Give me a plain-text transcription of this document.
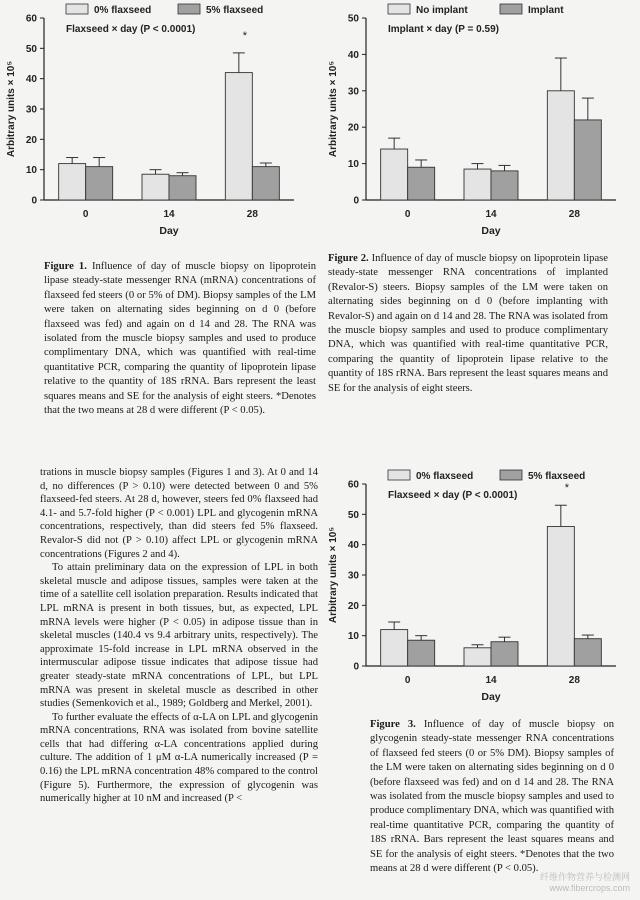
0
10
20
30
40
50
60
Arbitrary units × 10⁵
0	14
*
28
Day
0% flaxseed	5% flaxseed
Flaxseed × day (P < 0.0001)
0
10
20
30
40
50
Arbitrary units × 10⁵
0	14	28
Day
No implant	Implant
Implant × day (P = 0.59)
0
10
20
30
40
50
60
Arbitrary units × 10⁵
0	14
*
28
Day
0% flaxseed	5% flaxseed
Flaxseed × day (P < 0.0001)
Figure 1. Influence of day of muscle biopsy on lipoprotein lipase steady-state messenger RNA (mRNA) concentrations of flaxseed fed steers (0 or 5% of DM). Biopsy samples of the LM were taken on alternating sides beginning on d 0 (before flaxseed was fed) and again on d 14 and 28. The RNA was isolated from the muscle biopsy samples and used to produce complimentary DNA, which was quantified with real-time quantitative PCR, comparing the quantity of lipoprotein lipase relative to the quantity of 18S rRNA. Bars represent the least squares means and SE for the analysis of eight steers. *Denotes that the two means at 28 d were different (P < 0.05).
Figure 2. Influence of day of muscle biopsy on lipoprotein lipase steady-state messenger RNA concentrations of implanted (Revalor-S) steers. Biopsy samples of the LM were taken on alternating sides beginning on d 0 (before implanting with Revalor-S) and again on d 14 and 28. The RNA was isolated from the muscle biopsy samples and used to produce complimentary DNA, which was quantified with real-time quantitative PCR, comparing the quantity of lipoprotein lipase relative to the quantity of 18S rRNA. Bars represent the least squares means and SE for the analysis of eight steers.
Figure 3. Influence of day of muscle biopsy on glycogenin steady-state messenger RNA concentrations of flaxseed fed steers (0 or 5% DM). Biopsy samples of the LM were taken on alternating sides beginning on d 0 (before flaxseed was fed) and on d 14 and 28. The RNA was isolated from the muscle biopsy samples and used to produce complimentary DNA, which was quantified with real-time quantitative PCR, comparing the quantity of 18S rRNA. Bars represent the least squares means and SE for the analysis of eight steers. *Denotes that the two means at 28 d were different (P < 0.05).

trations in muscle biopsy samples (Figures 1 and 3). At 0 and 14 d, no differences (P > 0.10) were detected between 0 and 5% flaxseed-fed steers. At 28 d, however, steers fed 0% flaxseed had 4.1- and 5.7-fold higher (P < 0.001) LPL and glycogenin mRNA concentrations, respectively, than did steers fed 5% flaxseed. Revalor-S did not (P > 0.10) affect LPL or glycogenin mRNA concentrations (Figures 2 and 4).

To attain preliminary data on the expression of LPL in both skeletal muscle and adipose tissues, samples were taken at the time of a satellite cell isolation preparation. Results indicated that LPL mRNA is present in both tissues, but, as expected, LPL mRNA levels were higher (P < 0.05) in adipose tissue than in skeletal muscles (140.4 vs 9.4 arbitrary units, respectively). The approximate 15-fold increase in LPL mRNA observed in the intermuscular adipose tissue indicates that adipose tissue had greater steady-state mRNA concentrations of LPL, but LPL mRNA was present in skeletal muscle as described in other studies (Semenkovich et al., 1989; Goldberg and Merkel, 2001).

To further evaluate the effects of α-LA on LPL and glycogenin mRNA concentrations, RNA was isolated from bovine satellite cells that had differing α-LA concentrations applied during culture. The addition of 1 μM α-LA numerically increased (P = 0.16) the LPL mRNA concentration 48% compared to the control (Figure 5). Furthermore, the expression of glycogenin was numerically higher at 10 nM and increased (P <

纤维作物营养与检测网
www.fibercrops.com
